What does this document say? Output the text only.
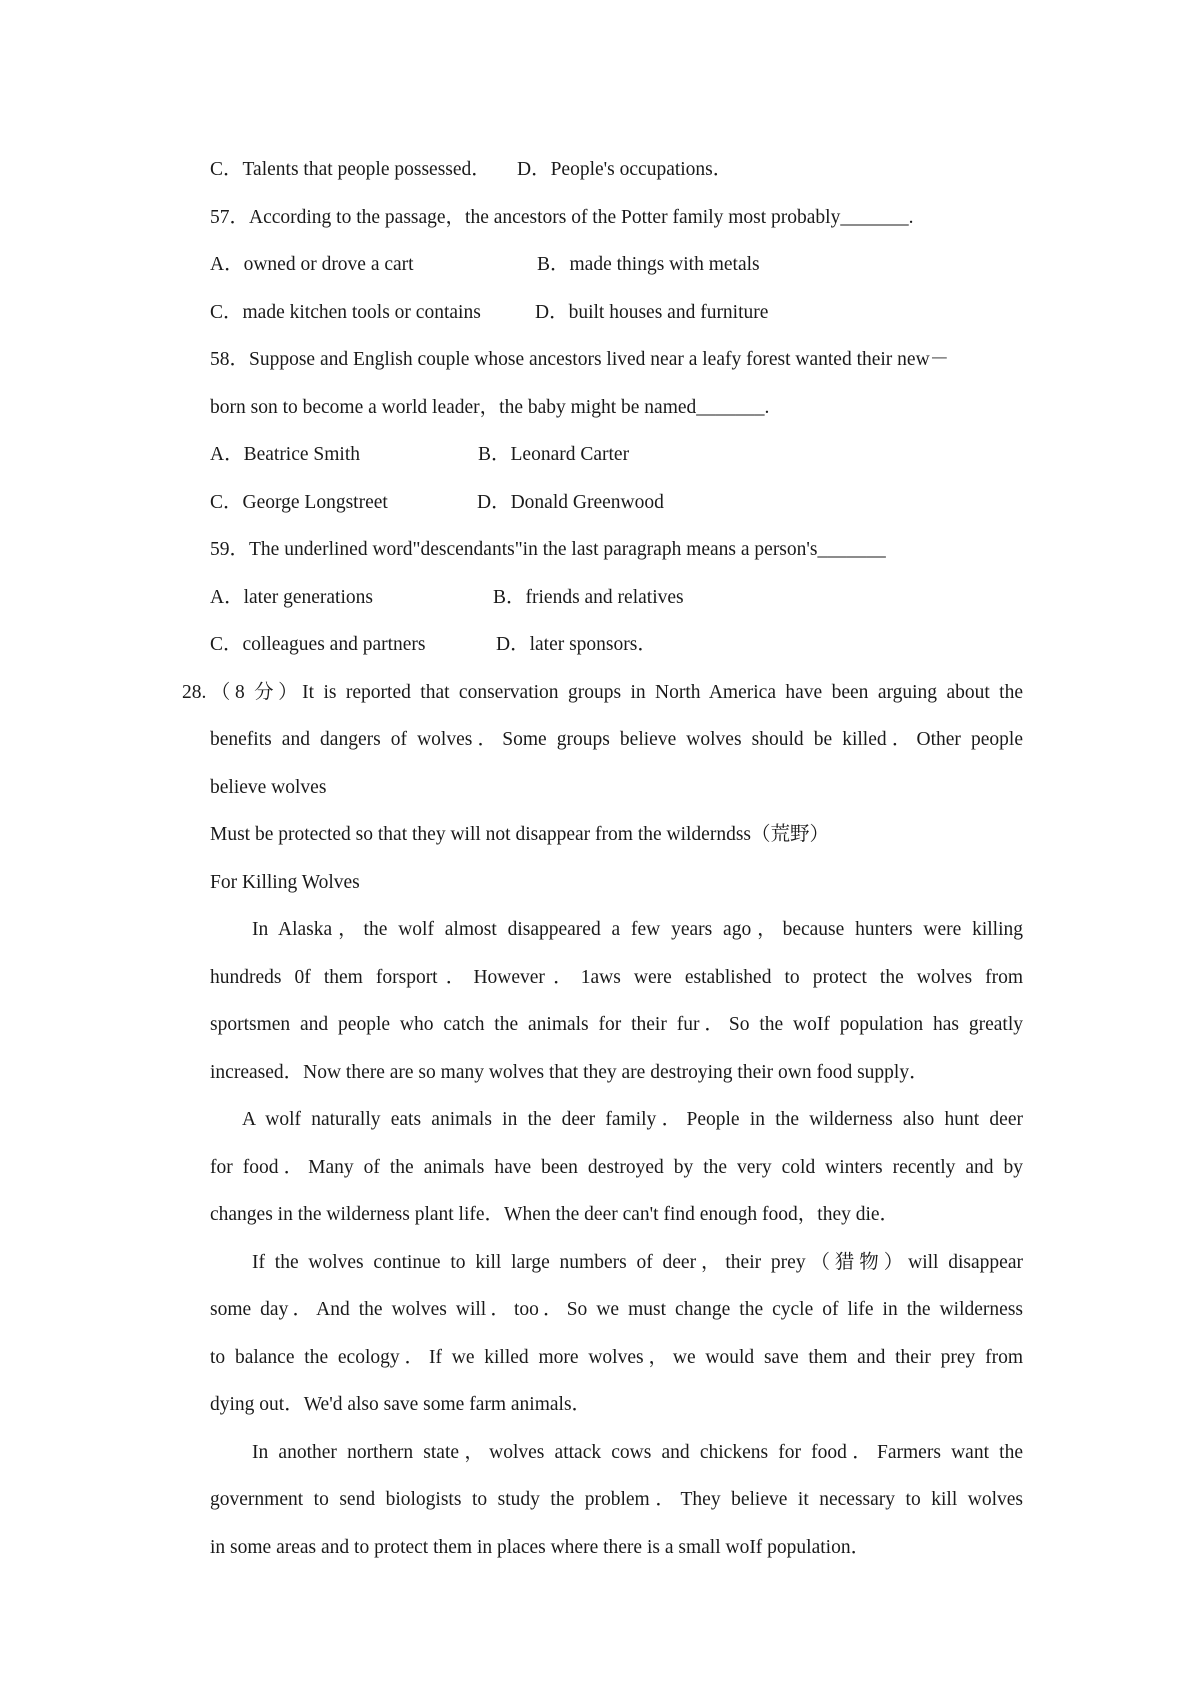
C．Talents that people possessed． D．People's occupations．
57．According to the passage，the ancestors of the Potter family most probably_______.
A．owned or drove a cart	B．made things with metals
C．made kitchen tools or contains	D．built houses and furniture
58．Suppose and English couple whose ancestors lived near a leafy forest wanted their new－
born son to become a world leader，the baby might be named_______.
A．Beatrice Smith	B．Leonard Carter
C．George Longstreet	D．Donald Greenwood
59．The underlined word"descendants"in the last paragraph means a person's_______
A．later generations	B．friends and relatives
C．colleagues and partners	D．later sponsors．
28.（8 分）It is reported that conservation groups in North America have been arguing about the
benefits and dangers of wolves．Some groups believe wolves should be killed．Other people
believe wolves
Must be protected so that they will not disappear from the wilderndss（荒野）
For Killing Wolves
In Alaska，the wolf almost disappeared a few years ago，because hunters were killing
hundreds 0f them forsport．However．1aws were established to protect the wolves from
sportsmen and people who catch the animals for their fur．So the woIf population has greatly
increased．Now there are so many wolves that they are destroying their own food supply．
A wolf naturally eats animals in the deer family．People in the wilderness also hunt deer
for food．Many of the animals have been destroyed by the very cold winters recently and by
changes in the wilderness plant life．When the deer can't find enough food，they die．
If the wolves continue to kill large numbers of deer，their prey（猎物）will disappear
some day．And the wolves will．too．So we must change the cycle of life in the wilderness
to balance the ecology．If we killed more wolves，we would save them and their prey from
dying out．We'd also save some farm animals．
In another northern state，wolves attack cows and chickens for food．Farmers want the
government to send biologists to study the problem．They believe it necessary to kill wolves
in some areas and to protect them in places where there is a small woIf population．
